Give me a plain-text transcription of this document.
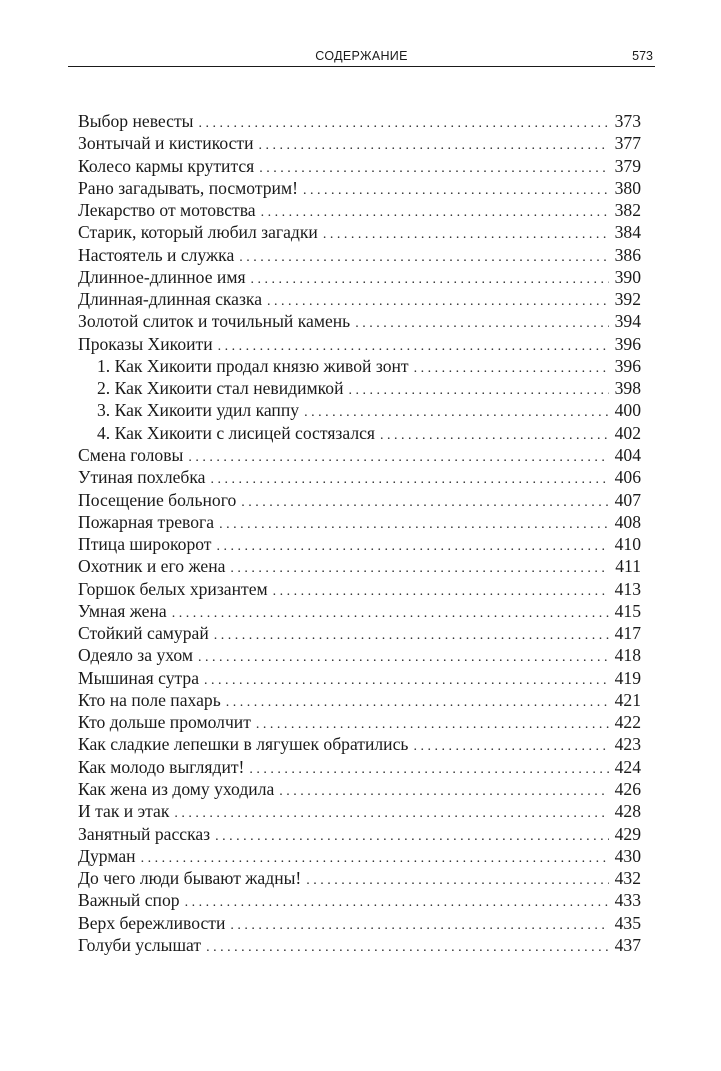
СОДЕРЖАНИЕ	573
Выбор невесты . . .	373
Зонтычай и кистикости . . .	377
Колесо кармы крутится . . .	379
Рано загадывать, посмотрим! . . .	380
Лекарство от мотовства . . .	382
Старик, который любил загадки . . .	384
Настоятель и служка . . .	386
Длинное-длинное имя . . .	390
Длинная-длинная сказка . . .	392
Золотой слиток и точильный камень . . .	394
Проказы Хикоити . . .	396
1. Как Хикоити продал князю живой зонт . . .	396
2. Как Хикоити стал невидимкой . . .	398
3. Как Хикоити удил каппу . . .	400
4. Как Хикоити с лисицей состязался . . .	402
Смена головы . . .	404
Утиная похлебка . . .	406
Посещение больного . . .	407
Пожарная тревога . . .	408
Птица широкорот . . .	410
Охотник и его жена . . .	411
Горшок белых хризантем . . .	413
Умная жена . . .	415
Стойкий самурай . . .	417
Одеяло за ухом . . .	418
Мышиная сутра . . .	419
Кто на поле пахарь . . .	421
Кто дольше промолчит . . .	422
Как сладкие лепешки в лягушек обратились . . .	423
Как молодо выглядит! . . .	424
Как жена из дому уходила . . .	426
И так и этак . . .	428
Занятный рассказ . . .	429
Дурман . . .	430
До чего люди бывают жадны! . . .	432
Важный спор . . .	433
Верх бережливости . . .	435
Голуби услышат . . .	437
